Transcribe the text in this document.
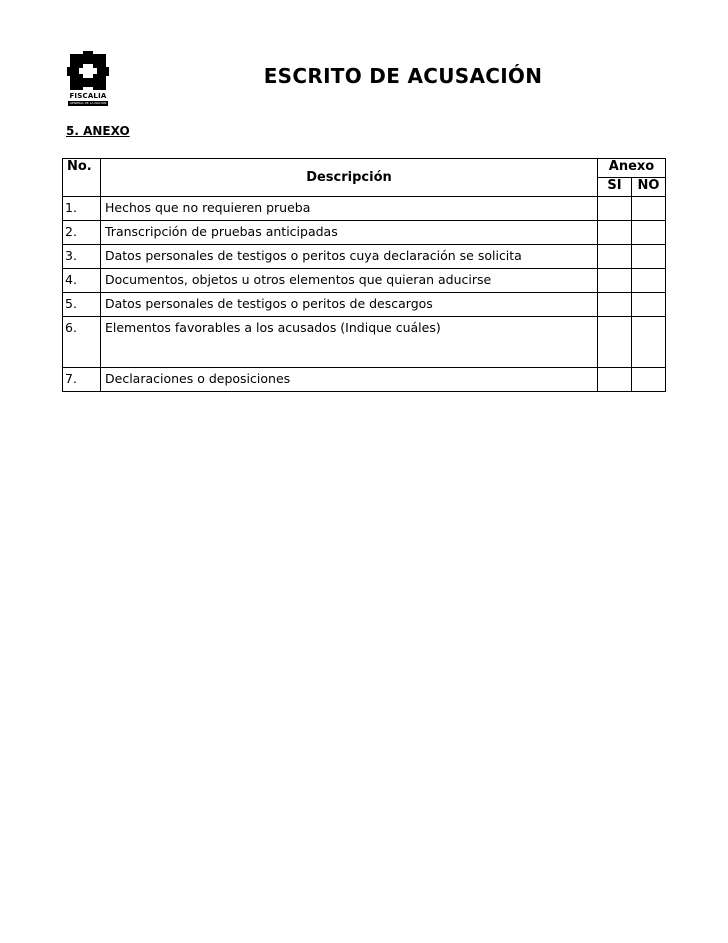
FISCALIA
GENERAL DE LA NACION
ESCRITO DE ACUSACIÓN
5. ANEXO
No.	Descripción	Anexo	
		SI	NO
1.	Hechos que no requieren prueba		
2.	Transcripción de pruebas anticipadas		
3.	Datos personales de testigos o peritos cuya declaración se solicita		
4.	Documentos, objetos u otros elementos que quieran aducirse		
5.	Datos personales de testigos o peritos de descargos		
6.	Elementos favorables a los acusados (Indique cuáles)		
7.	Declaraciones o deposiciones		
